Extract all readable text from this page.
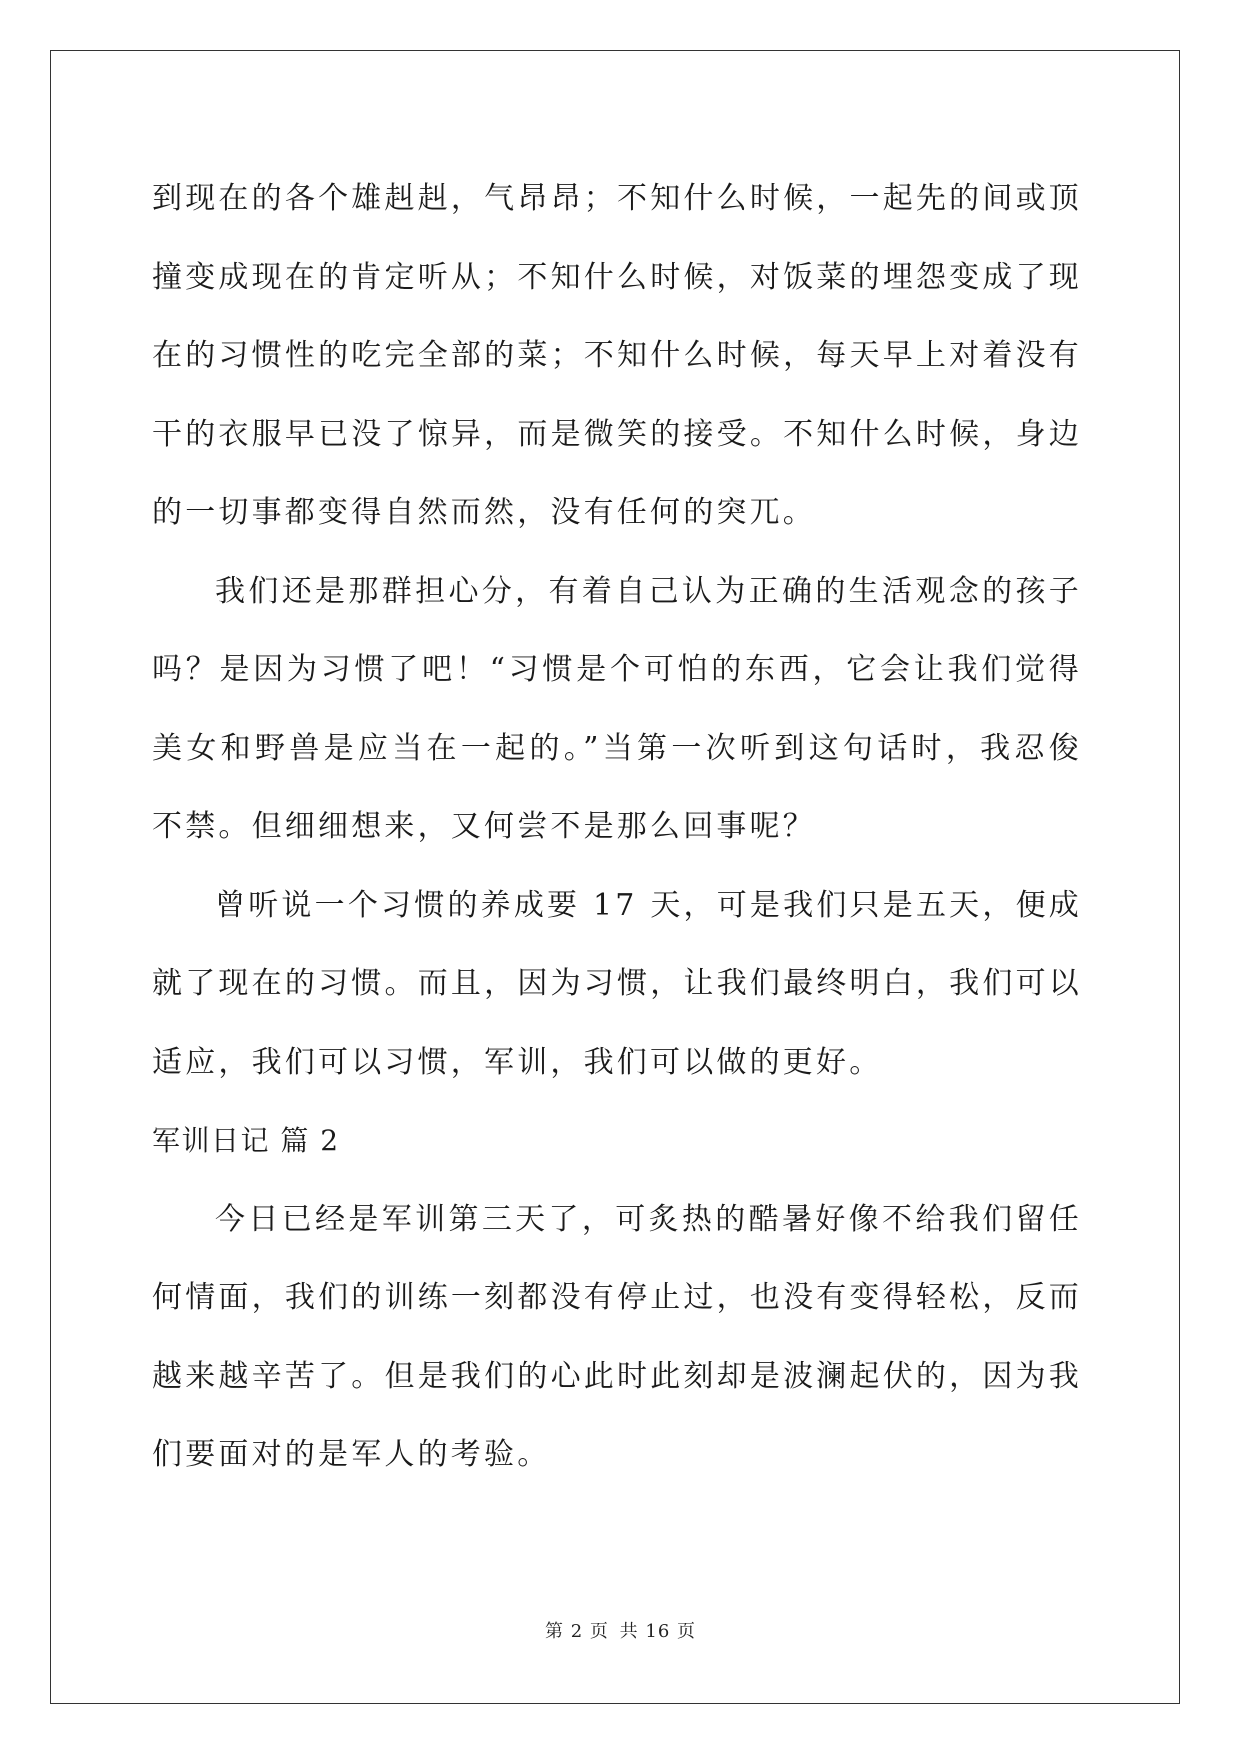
到现在的各个雄赳赳，气昂昂；不知什么时候，一起先的间或顶撞变成现在的肯定听从；不知什么时候，对饭菜的埋怨变成了现在的习惯性的吃完全部的菜；不知什么时候，每天早上对着没有干的衣服早已没了惊异，而是微笑的接受。不知什么时候，身边的一切事都变得自然而然，没有任何的突兀。

我们还是那群担心分，有着自己认为正确的生活观念的孩子吗？是因为习惯了吧！“习惯是个可怕的东西，它会让我们觉得美女和野兽是应当在一起的。”当第一次听到这句话时，我忍俊不禁。但细细想来，又何尝不是那么回事呢？

曾听说一个习惯的养成要 17 天，可是我们只是五天，便成就了现在的习惯。而且，因为习惯，让我们最终明白，我们可以适应，我们可以习惯，军训，我们可以做的更好。

军训日记 篇 2

今日已经是军训第三天了，可炙热的酷暑好像不给我们留任何情面，我们的训练一刻都没有停止过，也没有变得轻松，反而越来越辛苦了。但是我们的心此时此刻却是波澜起伏的，因为我们要面对的是军人的考验。

第 2 页 共 16 页
